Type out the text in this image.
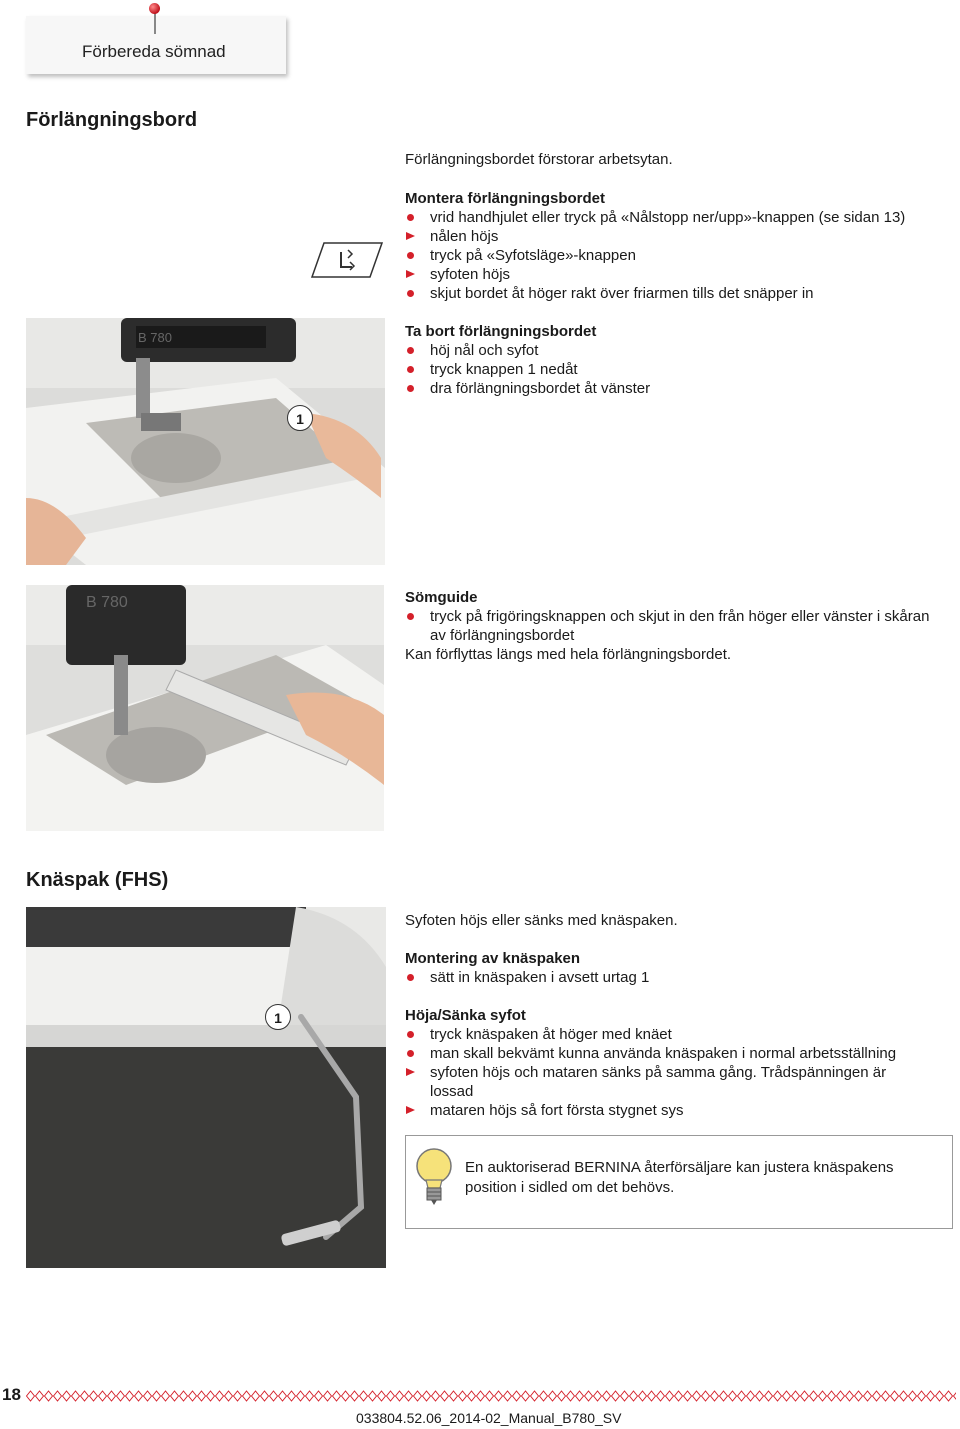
Förbereda sömnad
Förlängningsbord
Förlängningsbordet förstorar arbetsytan.
Montera förlängningsbordet
vrid handhjulet eller tryck på «Nålstopp ner/upp»-knappen (se sidan 13)
nålen höjs
tryck på «Syfotsläge»-knappen
syfoten höjs
skjut bordet åt höger rakt över friarmen tills det snäpper in
B 780
1
Ta bort förlängningsbordet
höj nål och syfot
tryck knappen 1 nedåt
dra förlängningsbordet åt vänster
B 780	Sömguide
tryck på frigöringsknappen och skjut in den från höger eller vänster i skåran
av förlängningsbordet
Kan förflyttas längs med hela förlängningsbordet.
Knäspak (FHS)
1
Syfoten höjs eller sänks med knäspaken.
Montering av knäspaken
sätt in knäspaken i avsett urtag 1
Höja/Sänka syfot
tryck knäspaken åt höger med knäet
man skall bekvämt kunna använda knäspaken i normal arbetsställning
syfoten höjs och mataren sänks på samma gång. Trådspänningen är
lossad
mataren höjs så fort första stygnet sys
En auktoriserad BERNINA återförsäljare kan justera knäspakens
position i sidled om det behövs.
18
033804.52.06_2014-02_Manual_B780_SV
